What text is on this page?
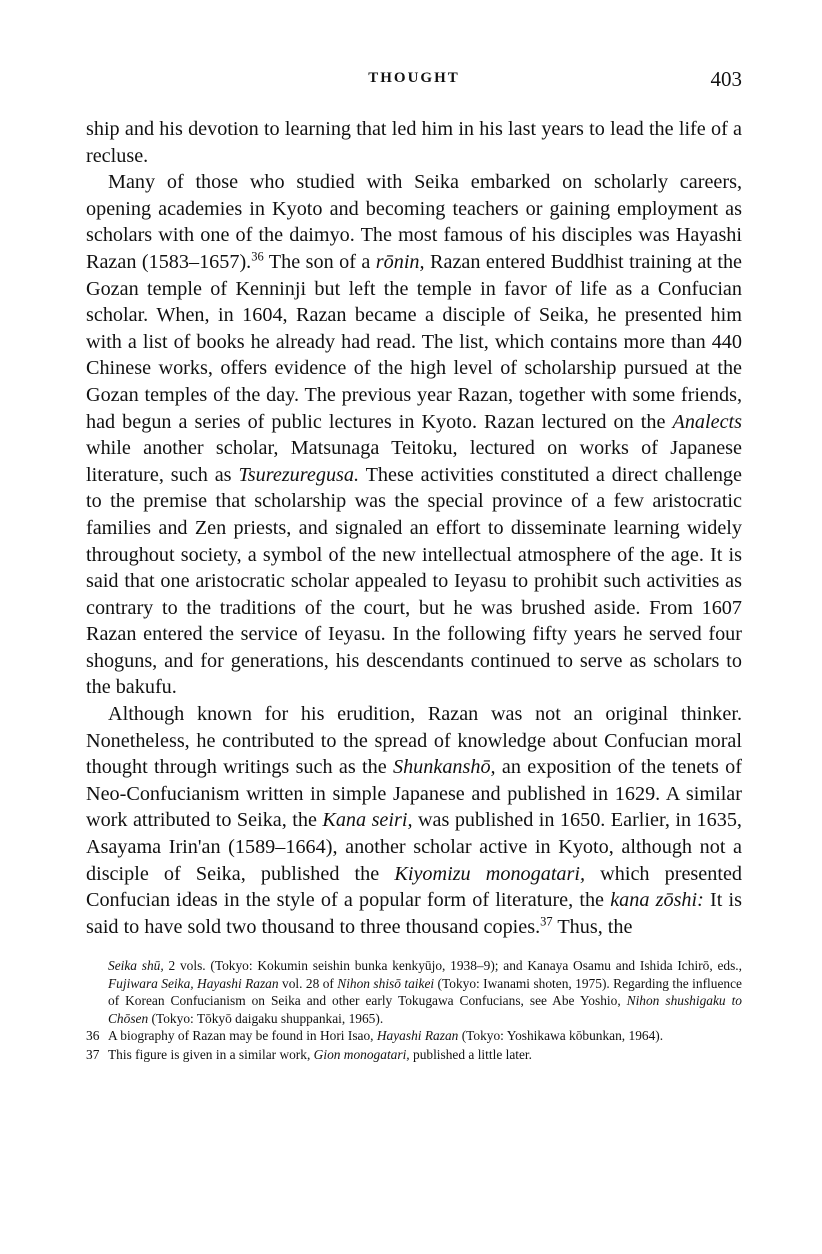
THOUGHT	403

ship and his devotion to learning that led him in his last years to lead the life of a recluse.

Many of those who studied with Seika embarked on scholarly careers, opening academies in Kyoto and becoming teachers or gaining employment as scholars with one of the daimyo. The most famous of his disciples was Hayashi Razan (1583–1657).$^{36}$ The son of a rōnin, Razan entered Buddhist training at the Gozan temple of Kenninji but left the temple in favor of life as a Confucian scholar. When, in 1604, Razan became a disciple of Seika, he presented him with a list of books he already had read. The list, which contains more than 440 Chinese works, offers evidence of the high level of scholarship pursued at the Gozan temples of the day. The previous year Razan, together with some friends, had begun a series of public lectures in Kyoto. Razan lectured on the Analects while another scholar, Matsunaga Teitoku, lectured on works of Japanese literature, such as Tsurezuregusa. These activities constituted a direct challenge to the premise that scholarship was the special province of a few aristocratic families and Zen priests, and signaled an effort to disseminate learning widely throughout society, a symbol of the new intellectual atmosphere of the age. It is said that one aristocratic scholar appealed to Ieyasu to prohibit such activities as contrary to the traditions of the court, but he was brushed aside. From 1607 Razan entered the service of Ieyasu. In the following fifty years he served four shoguns, and for generations, his descendants continued to serve as scholars to the bakufu.

Although known for his erudition, Razan was not an original thinker. Nonetheless, he contributed to the spread of knowledge about Confucian moral thought through writings such as the Shunkanshō, an exposition of the tenets of Neo-Confucianism written in simple Japanese and published in 1629. A similar work attributed to Seika, the Kana seiri, was published in 1650. Earlier, in 1635, Asayama Irin'an (1589–1664), another scholar active in Kyoto, although not a disciple of Seika, published the Kiyomizu monogatari, which presented Confucian ideas in the style of a popular form of literature, the kana zōshi: It is said to have sold two thousand to three thousand copies.$^{37}$ Thus, the

Seika shū, 2 vols. (Tokyo: Kokumin seishin bunka kenkyūjo, 1938–9); and Kanaya Osamu and Ishida Ichirō, eds., Fujiwara Seika, Hayashi Razan vol. 28 of Nihon shisō taikei (Tokyo: Iwanami shoten, 1975). Regarding the influence of Korean Confucianism on Seika and other early Tokugawa Confucians, see Abe Yoshio, Nihon shushigaku to Chōsen (Tokyo: Tōkyō daigaku shuppankai, 1965).

36 A biography of Razan may be found in Hori Isao, Hayashi Razan (Tokyo: Yoshikawa kōbunkan, 1964).

37 This figure is given in a similar work, Gion monogatari, published a little later.
